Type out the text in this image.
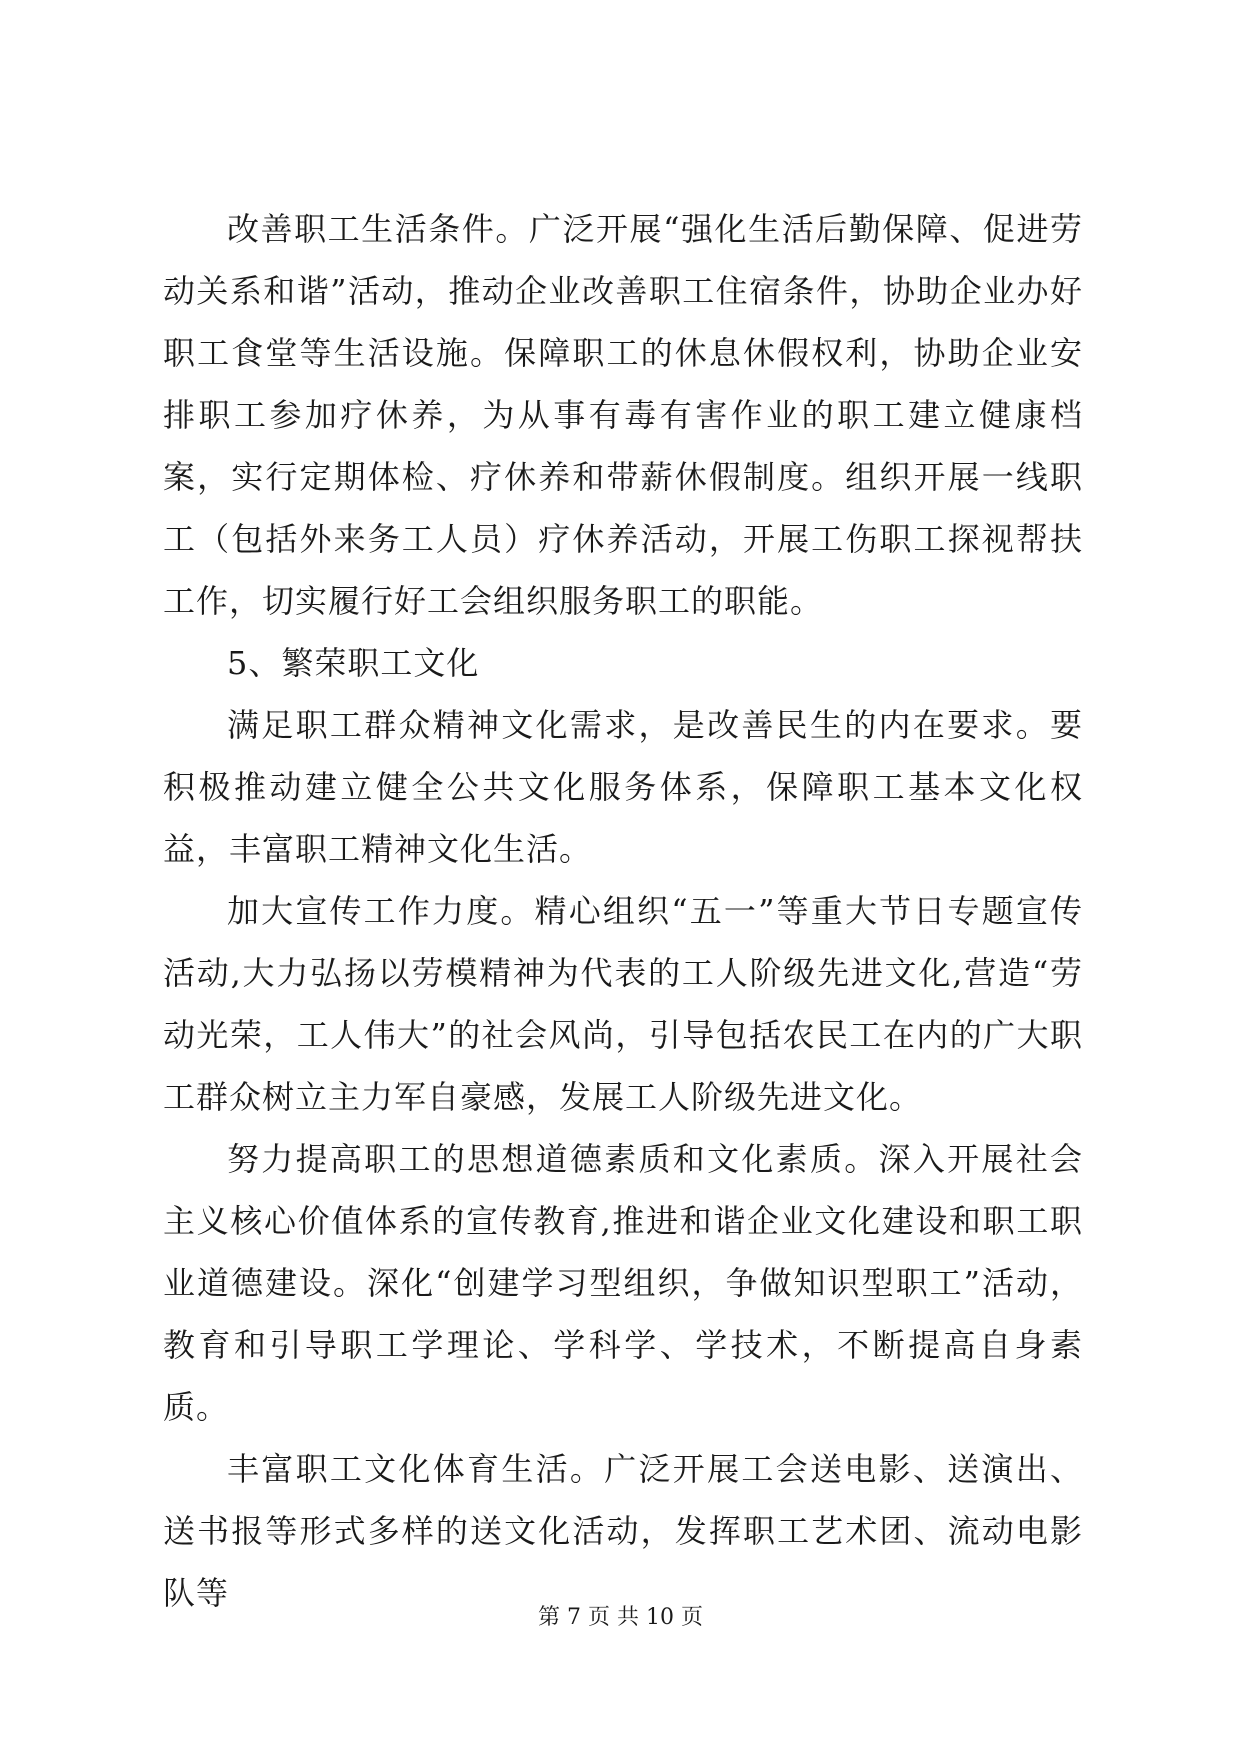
改善职工生活条件。广泛开展“强化生活后勤保障、促进劳动关系和谐”活动，推动企业改善职工住宿条件，协助企业办好职工食堂等生活设施。保障职工的休息休假权利，协助企业安排职工参加疗休养，为从事有毒有害作业的职工建立健康档案，实行定期体检、疗休养和带薪休假制度。组织开展一线职工（包括外来务工人员）疗休养活动，开展工伤职工探视帮扶工作，切实履行好工会组织服务职工的职能。

5、繁荣职工文化

满足职工群众精神文化需求，是改善民生的内在要求。要积极推动建立健全公共文化服务体系，保障职工基本文化权益，丰富职工精神文化生活。

加大宣传工作力度。精心组织“五一”等重大节日专题宣传活动,大力弘扬以劳模精神为代表的工人阶级先进文化,营造“劳动光荣，工人伟大”的社会风尚，引导包括农民工在内的广大职工群众树立主力军自豪感，发展工人阶级先进文化。

努力提高职工的思想道德素质和文化素质。深入开展社会主义核心价值体系的宣传教育,推进和谐企业文化建设和职工职业道德建设。深化“创建学习型组织，争做知识型职工”活动，教育和引导职工学理论、学科学、学技术，不断提高自身素质。

丰富职工文化体育生活。广泛开展工会送电影、送演出、送书报等形式多样的送文化活动，发挥职工艺术团、流动电影队等

第 7 页 共 10 页
